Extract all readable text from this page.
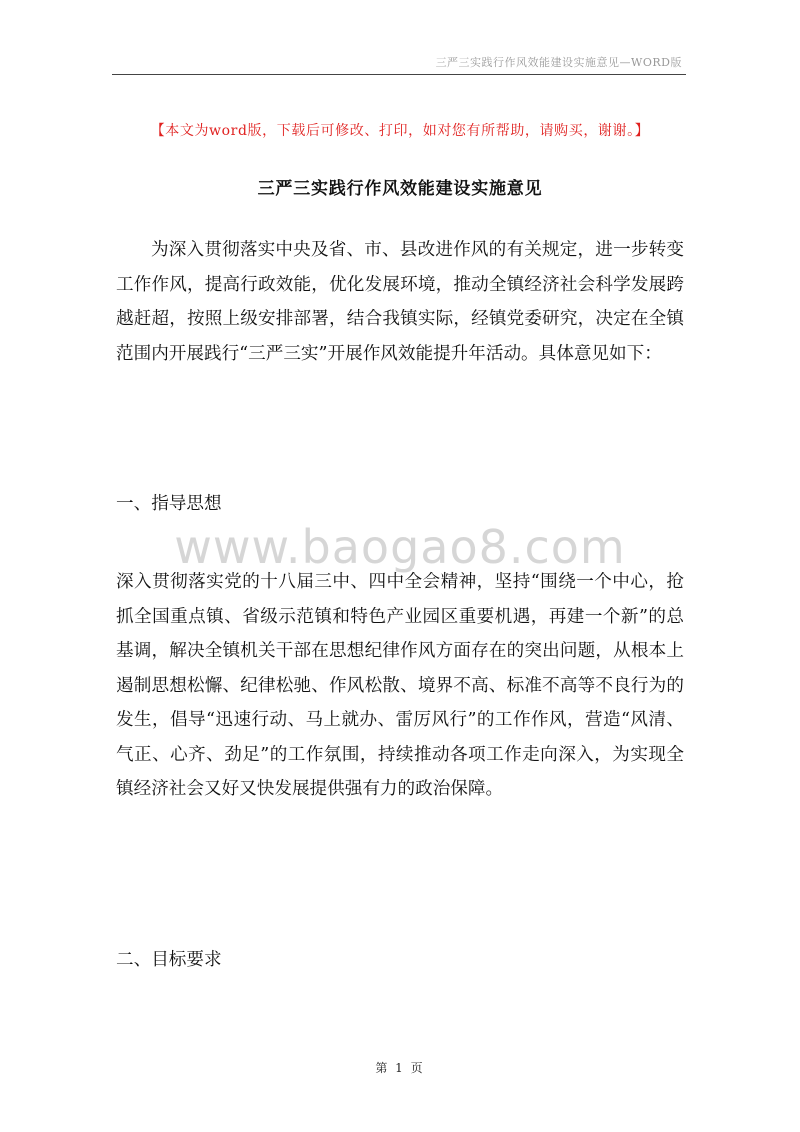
三严三实践行作风效能建设实施意见—WORD版
【本文为word版，下载后可修改、打印，如对您有所帮助，请购买，谢谢。】
三严三实践行作风效能建设实施意见

为深入贯彻落实中央及省、市、县改进作风的有关规定，进一步转变工作作风，提高行政效能，优化发展环境，推动全镇经济社会科学发展跨越赶超，按照上级安排部署，结合我镇实际，经镇党委研究，决定在全镇范围内开展践行“三严三实”开展作风效能提升年活动。具体意见如下：

一、指导思想

深入贯彻落实党的十八届三中、四中全会精神，坚持“围绕一个中心，抢抓全国重点镇、省级示范镇和特色产业园区重要机遇，再建一个新”的总基调，解决全镇机关干部在思想纪律作风方面存在的突出问题，从根本上遏制思想松懈、纪律松驰、作风松散、境界不高、标准不高等不良行为的发生，倡导“迅速行动、马上就办、雷厉风行”的工作作风，营造“风清、气正、心齐、劲足”的工作氛围，持续推动各项工作走向深入，为实现全镇经济社会又好又快发展提供强有力的政治保障。

二、目标要求
www.baogao8.com
第 1 页
